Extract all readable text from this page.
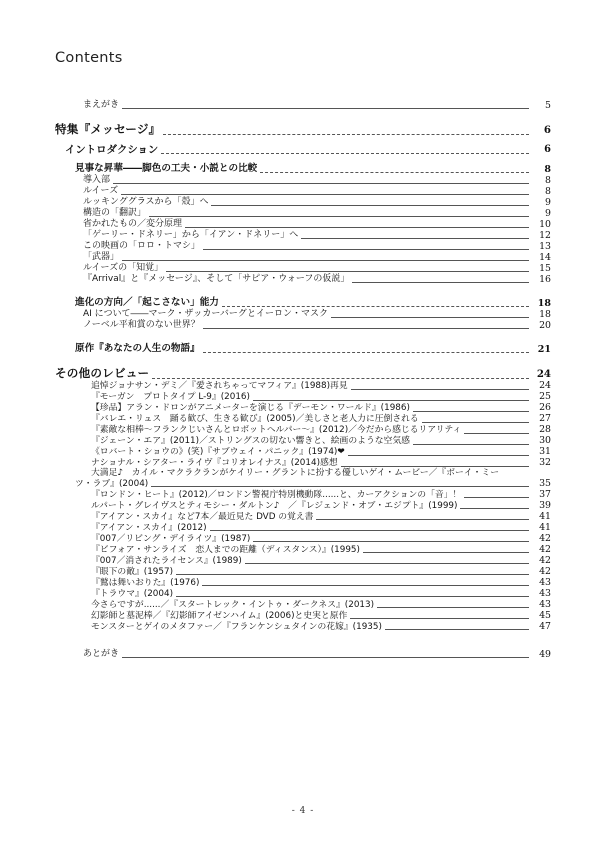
Contents
まえがき	5
特集『メッセージ』	6
イントロダクション	6
見事な昇華――脚色の工夫・小説との比較	8
導入部	8
ルイーズ	8
ルッキンググラスから「殻」へ	9
構造の「翻訳」	9
省かれたもの／変分原理	10
「ゲーリー・ドネリー」から「イアン・ドネリー」へ	12
この映画の「ロロ・トマシ」	13
「武器」	14
ルイーズの「知覚」	15
『Arrival』と『メッセージ』、そして「サピア・ウォーフの仮説」	16
進化の方向／「起こさない」能力	18
AI について――マーク・ザッカーバーグとイーロン・マスク	18
ノーベル平和賞のない世界？	20
原作『あなたの人生の物語』	21
その他のレビュー	24
追悼ジョナサン・デミ／『愛されちゃってマフィア』(1988)再見	24
『モーガン　プロトタイプ L-9』(2016)	25
【珍品】アラン・ドロンがアニメーターを演じる『デーモン・ワールド』(1986)	26
『バレエ・リュス　踊る歓び、生きる歓び』(2005)／美しさと老人力に圧倒される	27
『素敵な相棒～フランクじいさんとロボットヘルパー～』(2012)／今だから感じるリアリティ	28
『ジェーン・エア』(2011)／ストリングスの切ない響きと、絵画のような空気感	30
《ロバート・ショウの》(笑)『サブウェイ・パニック』(1974)❤	31
ナショナル・シアター・ライヴ『コリオレイナス』(2014)感想	32
大満足♪　カイル・マクラクランがケイリー・グラントに扮する優しいゲイ・ムービー／『ボーイ・ミー
ツ・ラブ』(2004)	35
『ロンドン・ヒート』(2012)／ロンドン警視庁特別機動隊......と、カーアクションの「音」！	37
ルパート・グレイヴスとティモシー・ダルトン♪　／『レジェンド・オブ・エジプト』(1999)	39
『アイアン・スカイ』など7本／最近見た DVD の覚え書	41
『アイアン・スカイ』(2012)	41
『007／リビング・デイライツ』(1987)	42
『ビフォア・サンライズ　恋人までの距離（ディスタンス）』(1995)	42
『007／消されたライセンス』(1989)	42
『眼下の敵』(1957)	42
『鷲は舞いおりた』(1976)	43
『トラウマ』(2004)	43
今さらですが......／『スタートレック・イントゥ・ダークネス』(2013)	43
幻影師と墓泥棒／『幻影師アイゼンハイム』(2006)と史実と原作	45
モンスターとゲイのメタファー／『フランケンシュタインの花嫁』(1935)	47
あとがき	49
- 4 -
